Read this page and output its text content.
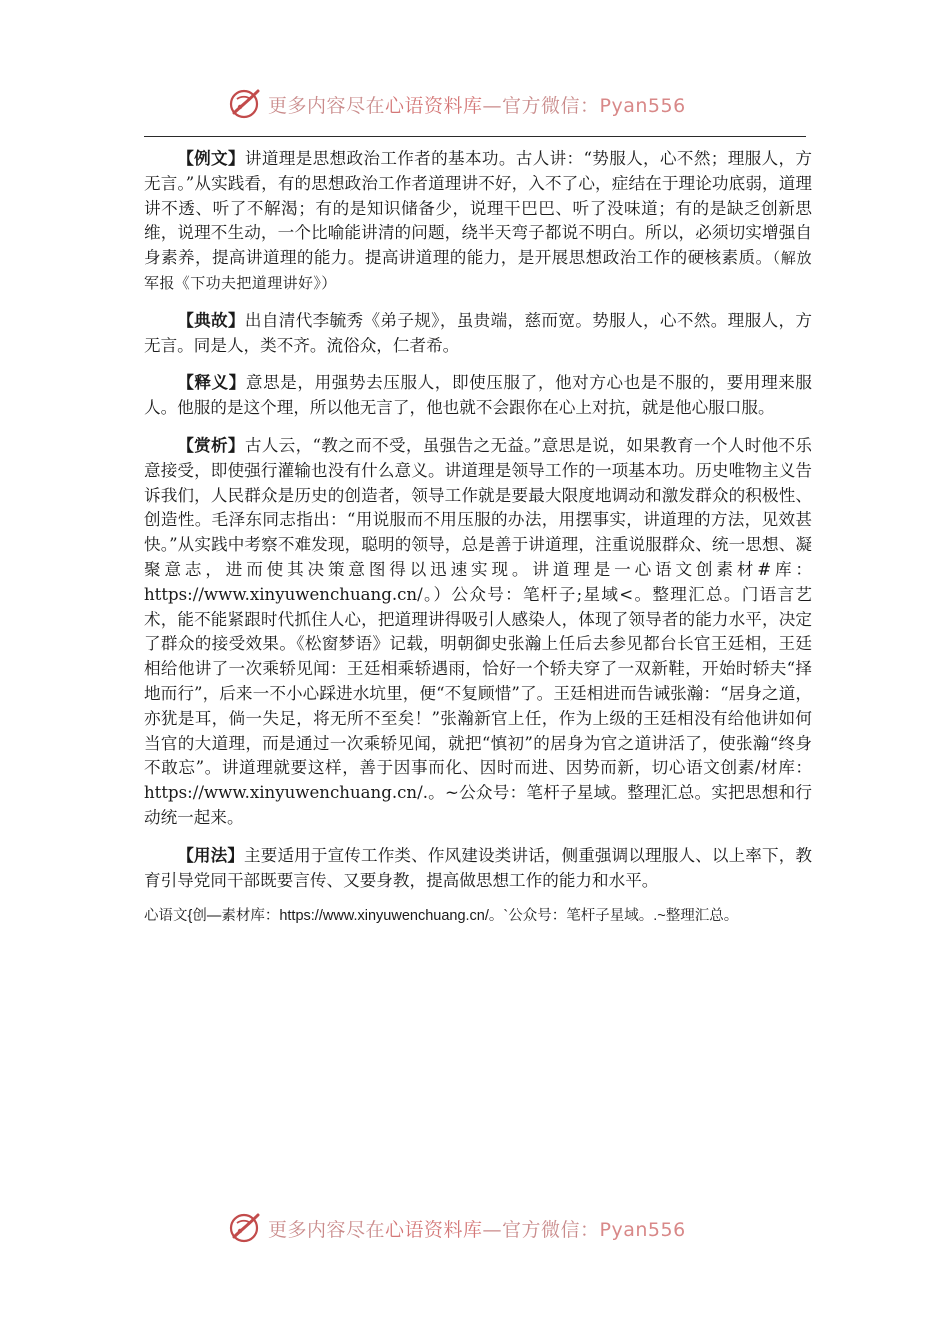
更多内容尽在心语资料库—官方微信：Pyan556

【例文】讲道理是思想政治工作者的基本功。古人讲：“势服人，心不然；理服人，方无言。”从实践看，有的思想政治工作者道理讲不好，入不了心，症结在于理论功底弱，道理讲不透、听了不解渴；有的是知识储备少，说理干巴巴、听了没味道；有的是缺乏创新思维，说理不生动，一个比喻能讲清的问题，绕半天弯子都说不明白。所以，必须切实增强自身素养，提高讲道理的能力。提高讲道理的能力，是开展思想政治工作的硬核素质。（解放军报《下功夫把道理讲好》）

【典故】出自清代李毓秀《弟子规》，虽贵端，慈而宽。势服人，心不然。理服人，方无言。同是人，类不齐。流俗众，仁者希。

【释义】意思是，用强势去压服人，即使压服了，他对方心也是不服的，要用理来服人。他服的是这个理，所以他无言了，他也就不会跟你在心上对抗，就是他心服口服。

【赏析】古人云，“教之而不受，虽强告之无益。”意思是说，如果教育一个人时他不乐意接受，即使强行灌输也没有什么意义。讲道理是领导工作的一项基本功。历史唯物主义告诉我们，人民群众是历史的创造者，领导工作就是要最大限度地调动和激发群众的积极性、创造性。毛泽东同志指出：“用说服而不用压服的办法，用摆事实，讲道理的方法，见效甚快。”从实践中考察不难发现，聪明的领导，总是善于讲道理，注重说服群众、统一思想、凝聚意志，进而使其决策意图得以迅速实现。讲道理是一心语文创素材#库：https://www.xinyuwenchuang.cn/。）公众号：笔杆子;星域<。整理汇总。门语言艺术，能不能紧跟时代抓住人心，把道理讲得吸引人感染人，体现了领导者的能力水平，决定了群众的接受效果。《松窗梦语》记载，明朝御史张瀚上任后去参见都台长官王廷相，王廷相给他讲了一次乘轿见闻：王廷相乘轿遇雨，恰好一个轿夫穿了一双新鞋，开始时轿夫“择地而行”，后来一不小心踩进水坑里，便“不复顾惜”了。王廷相进而告诫张瀚：“居身之道，亦犹是耳，倘一失足，将无所不至矣！”张瀚新官上任，作为上级的王廷相没有给他讲如何当官的大道理，而是通过一次乘轿见闻，就把“慎初”的居身为官之道讲活了，使张瀚“终身不敢忘”。讲道理就要这样，善于因事而化、因时而进、因势而新，切心语文创素/材库：https://www.xinyuwenchuang.cn/.。~公众号：笔杆子星域。整理汇总。实把思想和行动统一起来。

【用法】主要适用于宣传工作类、作风建设类讲话，侧重强调以理服人、以上率下，教育引导党同干部既要言传、又要身教，提高做思想工作的能力和水平。

心语文{创—素材库：https://www.xinyuwenchuang.cn/。`公众号：笔杆子星域。.~整理汇总。

更多内容尽在心语资料库—官方微信：Pyan556
